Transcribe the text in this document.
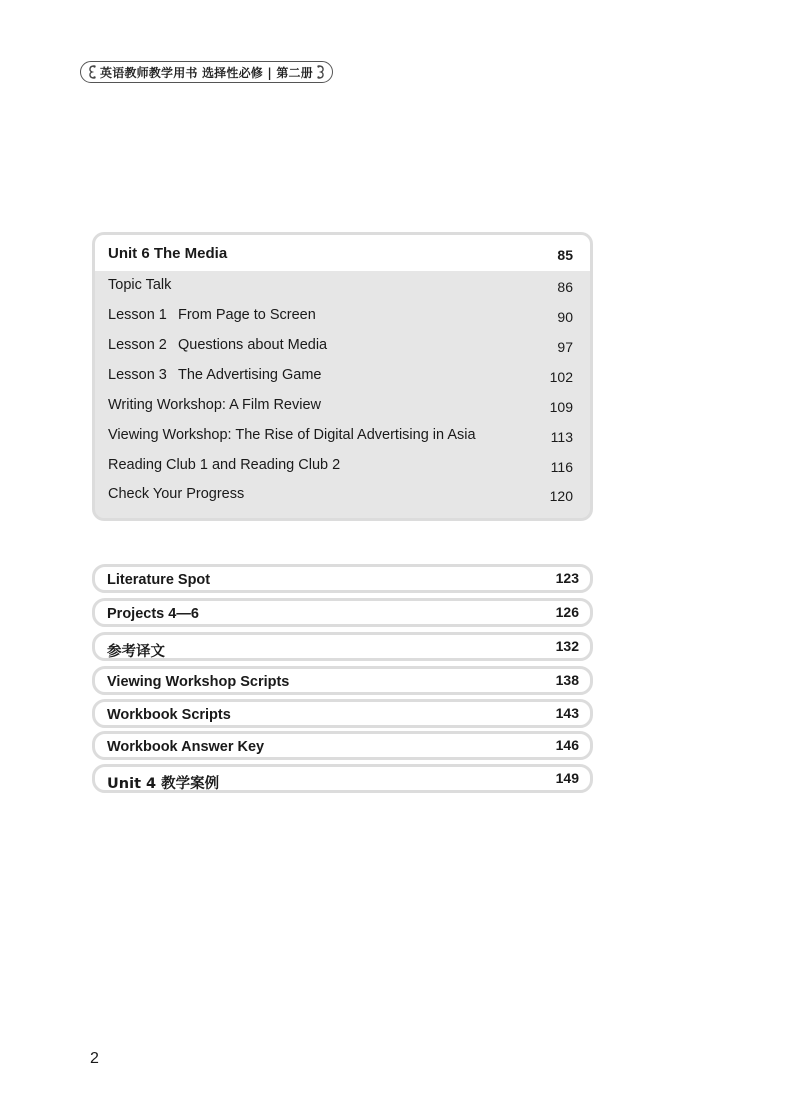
英语教师教学用书 选择性必修 | 第二册
Unit 6 The Media	85
Topic Talk	86
Lesson 1 From Page to Screen	90
Lesson 2 Questions about Media	97
Lesson 3 The Advertising Game	102
Writing Workshop: A Film Review	109
Viewing Workshop: The Rise of Digital Advertising in Asia	113
Reading Club 1 and Reading Club 2	116
Check Your Progress	120
Literature Spot	123
Projects 4—6	126
参考译文	132
Viewing Workshop Scripts	138
Workbook Scripts	143
Workbook Answer Key	146
Unit 4 教学案例	149
2
